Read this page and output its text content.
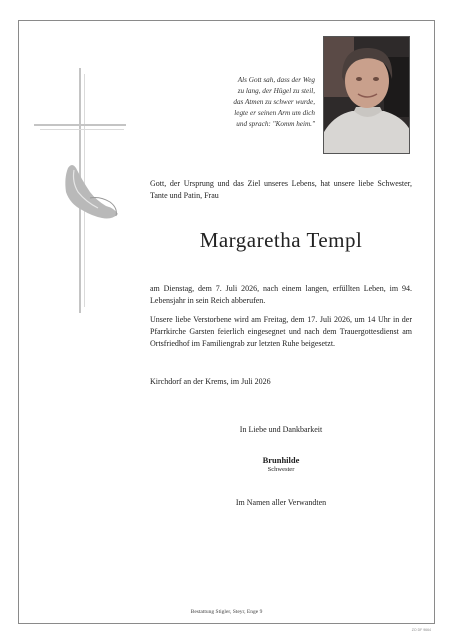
Als Gott sah, dass der Weg
zu lang, der Hügel zu steil,
das Atmen zu schwer wurde,
legte er seinen Arm um dich
und sprach: "Komm heim."
Gott, der Ursprung und das Ziel unseres Lebens, hat unsere liebe Schwester, Tante und Patin, Frau
Margaretha Templ
am Dienstag, dem 7. Juli 2026, nach einem langen, erfüllten Leben, im 94. Lebensjahr in sein Reich abberufen.
Unsere liebe Verstorbene wird am Freitag, dem 17. Juli 2026, um 14 Uhr in der Pfarrkirche Garsten feierlich eingesegnet und nach dem Trauergottesdienst am Ortsfriedhof im Familiengrab zur letzten Ruhe beigesetzt.
Kirchdorf an der Krems, im Juli 2026
In Liebe und Dankbarkeit
Brunhilde
Schwester
Im Namen aller Verwandten
Bestattung Stigler, Steyr, Enge 9
ZO DF 9664
